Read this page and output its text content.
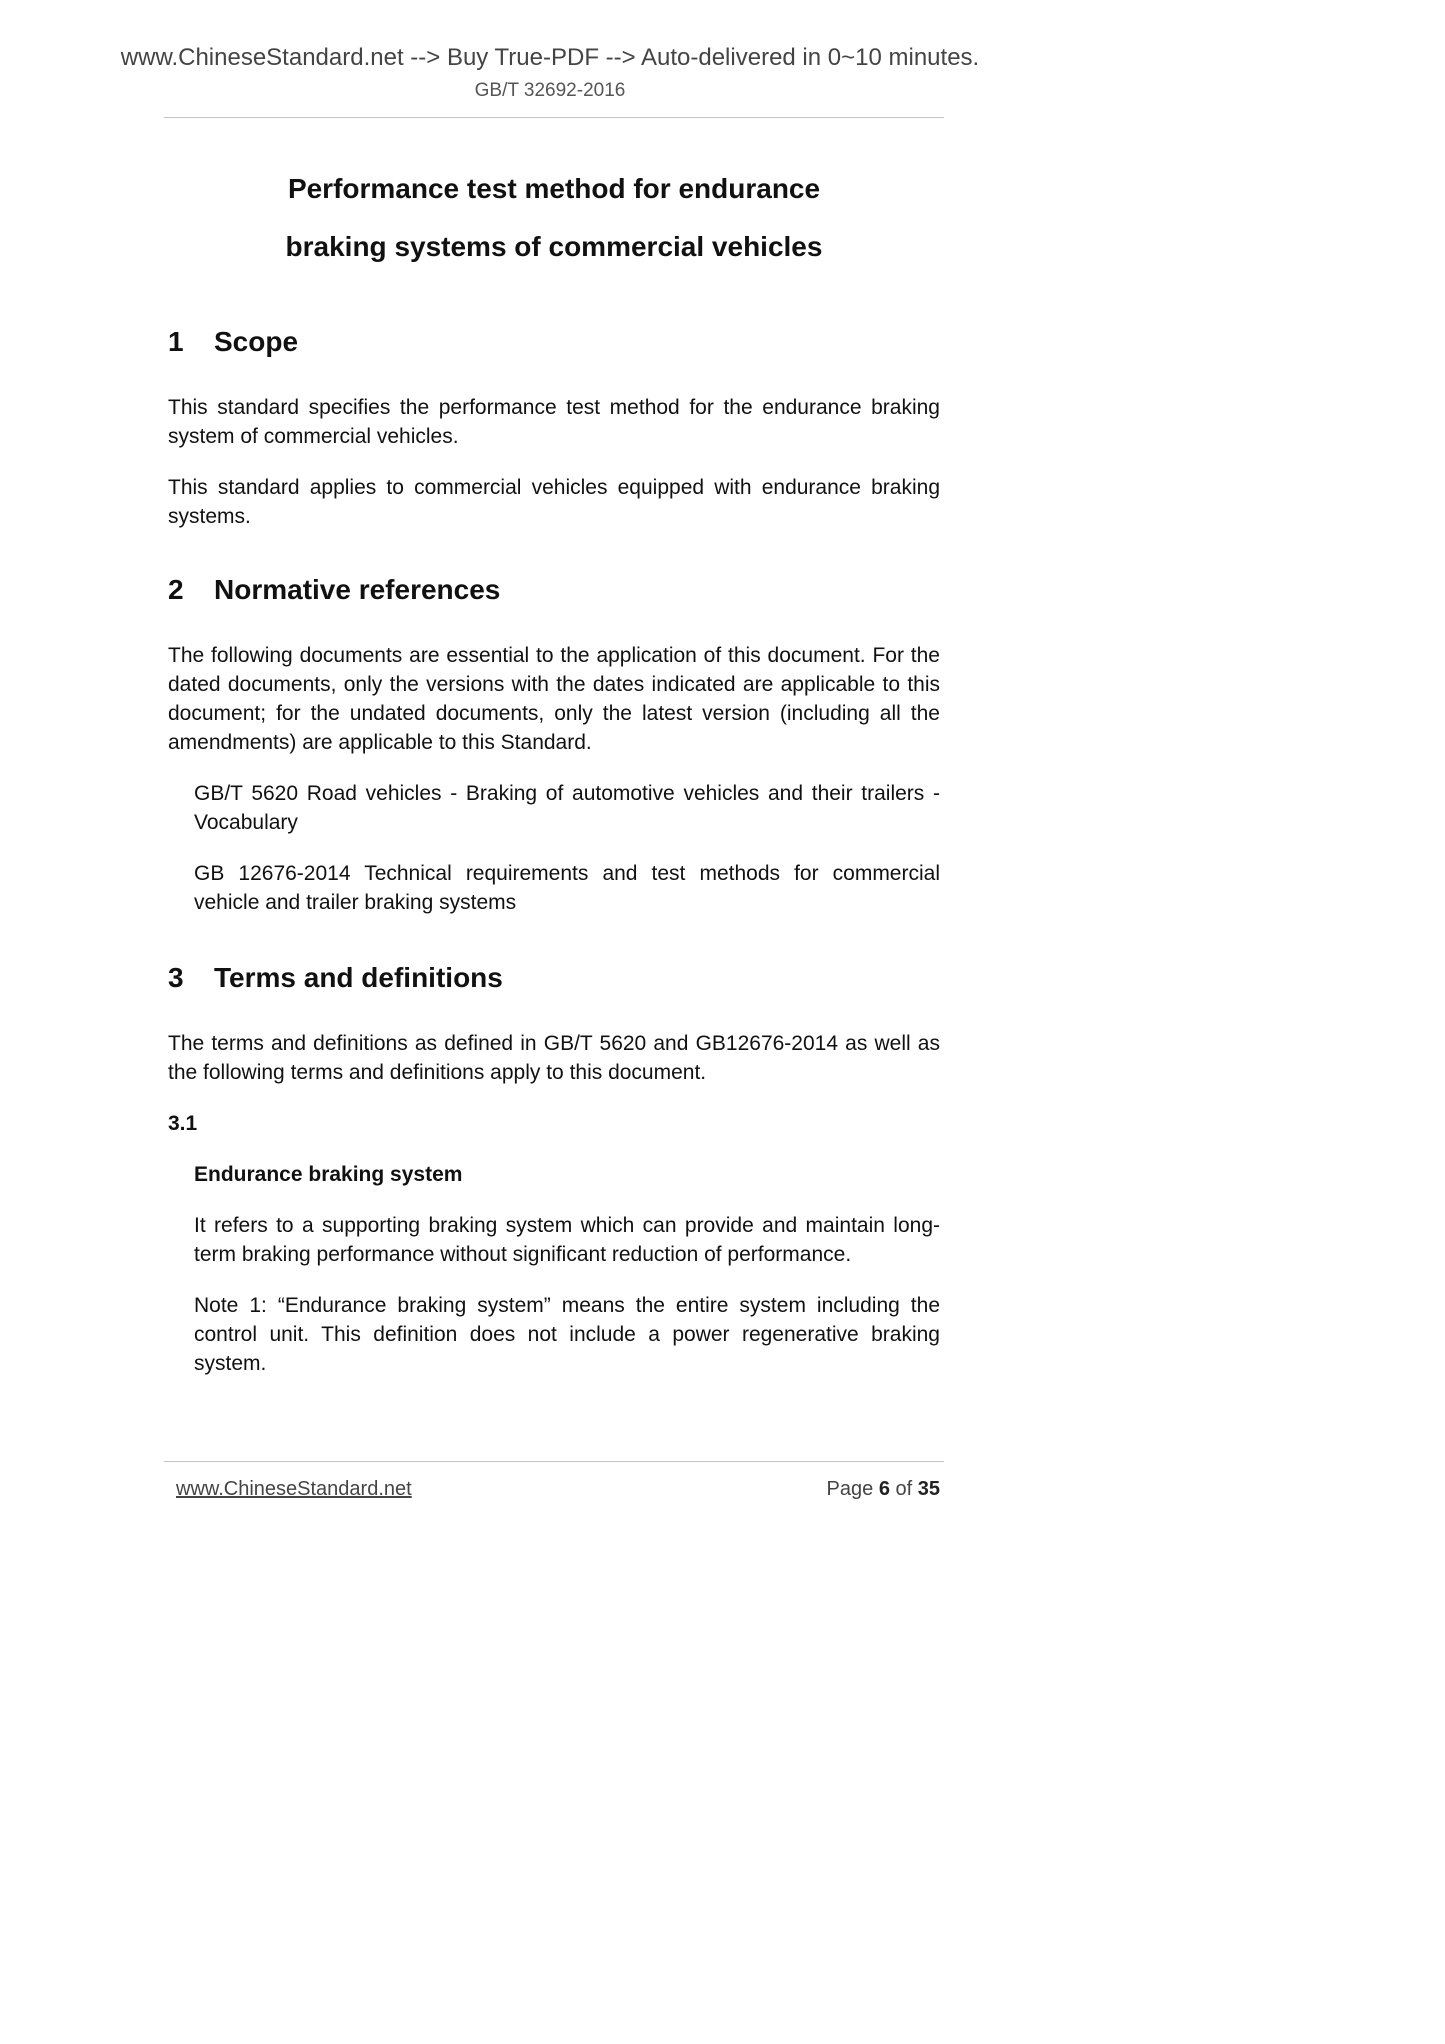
www.ChineseStandard.net --> Buy True-PDF --> Auto-delivered in 0~10 minutes.
GB/T 32692-2016

Performance test method for endurance

braking systems of commercial vehicles

1	Scope

This standard specifies the performance test method for the endurance braking system of commercial vehicles.

This standard applies to commercial vehicles equipped with endurance braking systems.

2	Normative references

The following documents are essential to the application of this document. For the dated documents, only the versions with the dates indicated are applicable to this document; for the undated documents, only the latest version (including all the amendments) are applicable to this Standard.

GB/T 5620 Road vehicles - Braking of automotive vehicles and their trailers - Vocabulary

GB 12676-2014 Technical requirements and test methods for commercial vehicle and trailer braking systems

3	Terms and definitions

The terms and definitions as defined in GB/T 5620 and GB12676-2014 as well as the following terms and definitions apply to this document.

3.1

Endurance braking system

It refers to a supporting braking system which can provide and maintain long-term braking performance without significant reduction of performance.

Note 1: “Endurance braking system” means the entire system including the control unit. This definition does not include a power regenerative braking system.

www.ChineseStandard.net	Page 6 of 35
